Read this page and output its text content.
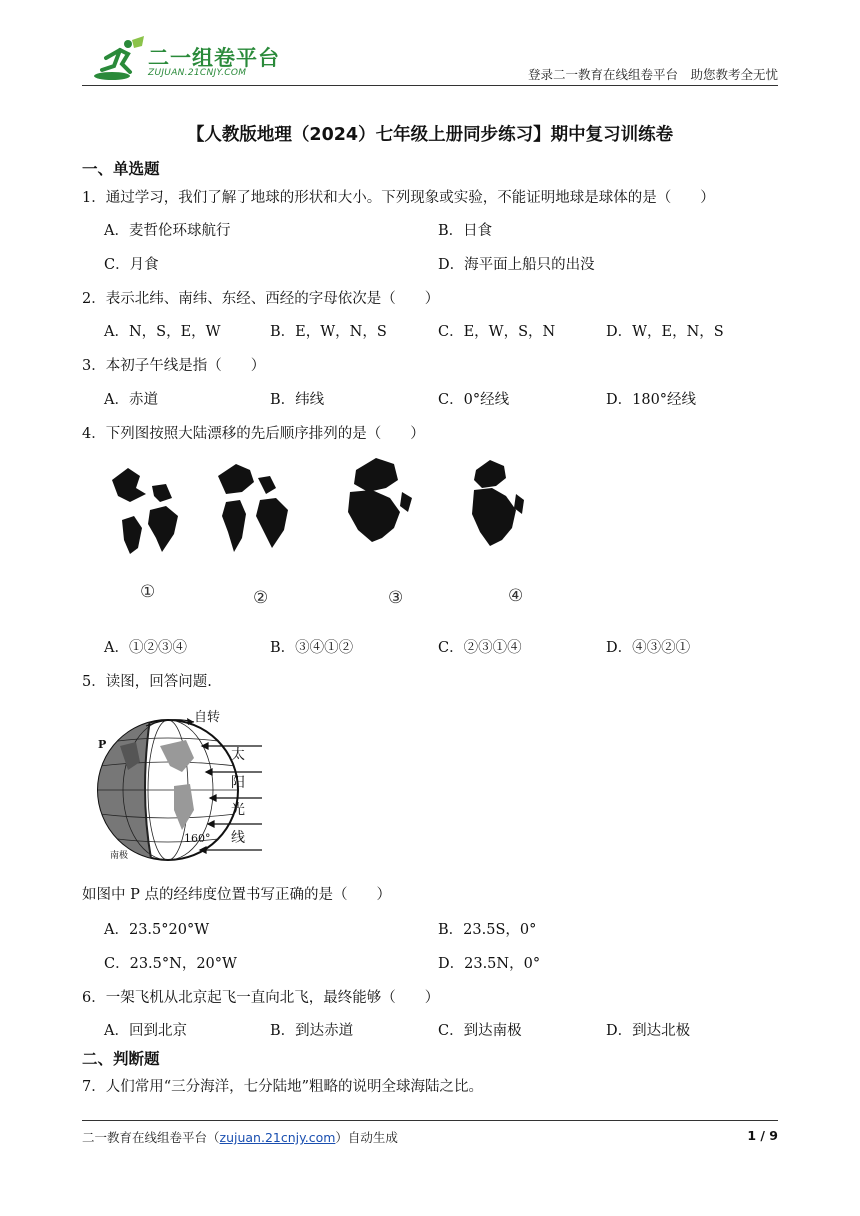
二一组卷平台
ZUJUAN.21CNJY.COM	登录二一教育在线组卷平台　助您教考全无忧
【人教版地理（2024）七年级上册同步练习】期中复习训练卷
一、单选题
1．通过学习，我们了解了地球的形状和大小。下列现象或实验，不能证明地球是球体的是（　　）
A．麦哲伦环球航行	B．日食
C．月食	D．海平面上船只的出没
2．表示北纬、南纬、东经、西经的字母依次是（　　）
A．N，S，E，W	B．E，W，N，S	C．E，W，S，N	D．W，E，N，S
3．本初子午线是指（　　）
A．赤道	B．纬线	C．0°经线	D．180°经线
4．下列图按照大陆漂移的先后顺序排列的是（　　）
①	②	③	④
A．①②③④	B．③④①②	C．②③①④	D．④③②①
5．读图，回答问题.
自转
太
阳
光
线
P
160°
南极
如图中 P 点的经纬度位置书写正确的是（　　）
A．23.5°20°W	B．23.5S，0°
C．23.5°N，20°W	D．23.5N，0°
6．一架飞机从北京起飞一直向北飞，最终能够（　　）
A．回到北京	B．到达赤道	C．到达南极	D．到达北极
二、判断题
7．人们常用“三分海洋，七分陆地”粗略的说明全球海陆之比。
二一教育在线组卷平台（zujuan.21cnjy.com）自动生成	1 / 9
